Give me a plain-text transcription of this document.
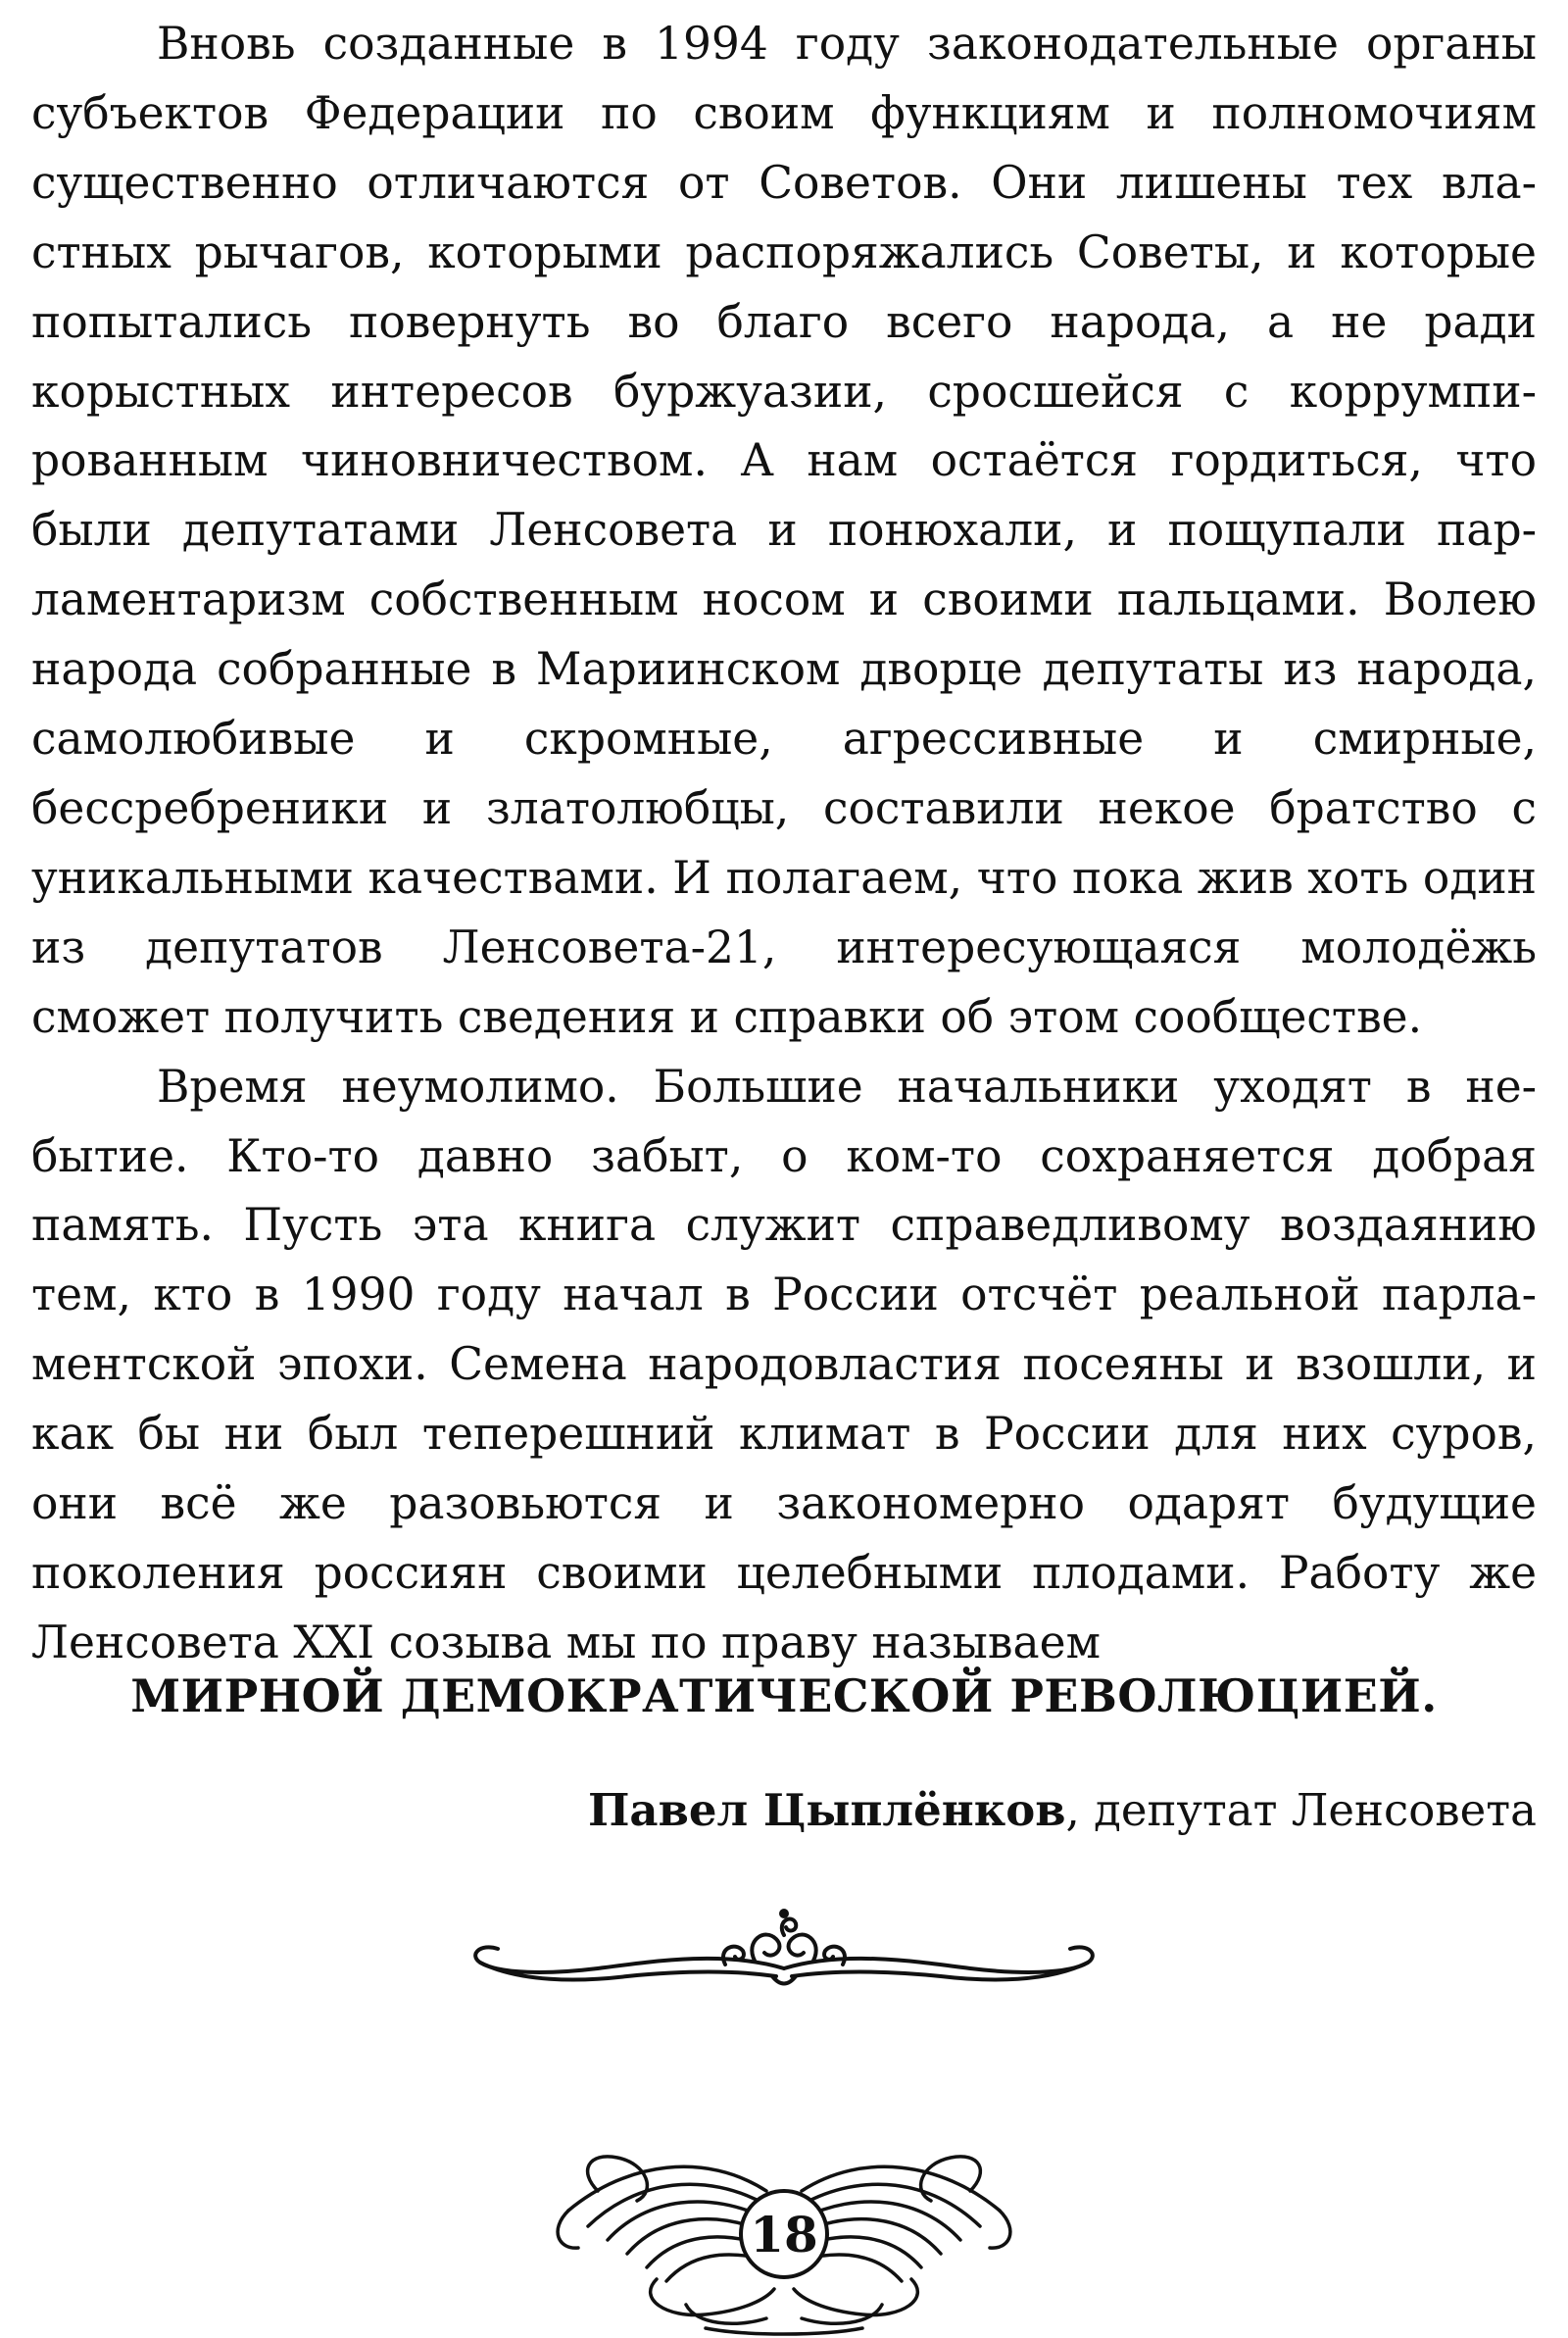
Вновь созданные в 1994 году законодательные органы субъектов Федерации по своим функциям и полномочиям существенно отличаются от Советов. Они лишены тех властных рычагов, которыми распоряжались Советы, и которые попытались повернуть во благо всего народа, а не ради корыстных интересов буржуазии, сросшейся с коррумпированным чиновничеством. А нам остаётся гордиться, что были депутатами Ленсовета и понюхали, и пощупали парламентаризм собственным носом и своими пальцами. Волею народа собранные в Мариинском дворце депутаты из народа, самолюбивые и скромные, агрессивные и смирные, бессребреники и златолюбцы, составили некое братство с уникальными качествами. И полагаем, что пока жив хоть один из депутатов Ленсовета-21, интересующаяся молодёжь сможет получить сведения и справки об этом сообществе.

Время неумолимо. Большие начальники уходят в небытие. Кто-то давно забыт, о ком-то сохраняется добрая память. Пусть эта книга служит справедливому воздаянию тем, кто в 1990 году начал в России отсчёт реальной парламентской эпохи. Семена народовластия посеяны и взошли, и как бы ни был теперешний климат в России для них суров, они всё же разовьются и закономерно одарят будущие поколения россиян своими целебными плодами. Работу же Ленсовета XXI созыва мы по праву называем

МИРНОЙ ДЕМОКРАТИЧЕСКОЙ РЕВОЛЮЦИЕЙ.
Павел Цыплёнков, депутат Ленсовета
18
